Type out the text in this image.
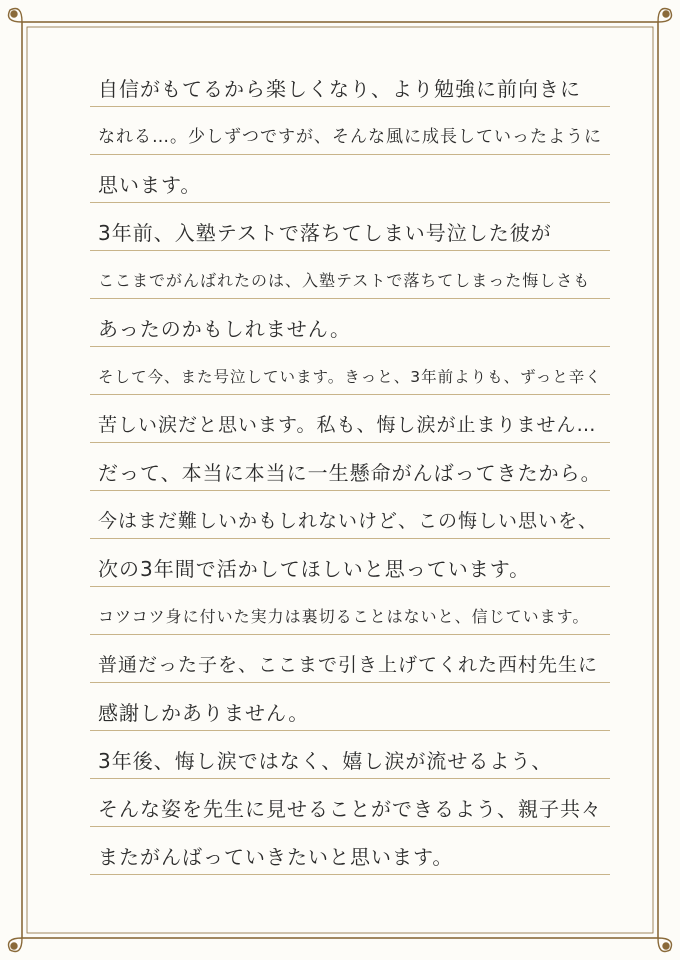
自信がもてるから楽しくなり、より勉強に前向きに
なれる…。少しずつですが、そんな風に成長していったように
思います。
3年前、入塾テストで落ちてしまい号泣した彼が
ここまでがんばれたのは、入塾テストで落ちてしまった悔しさも
あったのかもしれません。
そして今、また号泣しています。きっと、3年前よりも、ずっと辛く
苦しい涙だと思います。私も、悔し涙が止まりません…
だって、本当に本当に一生懸命がんばってきたから。
今はまだ難しいかもしれないけど、この悔しい思いを、
次の3年間で活かしてほしいと思っています。
コツコツ身に付いた実力は裏切ることはないと、信じています。
普通だった子を、ここまで引き上げてくれた西村先生に
感謝しかありません。
3年後、悔し涙ではなく、嬉し涙が流せるよう、
そんな姿を先生に見せることができるよう、親子共々
またがんばっていきたいと思います。
